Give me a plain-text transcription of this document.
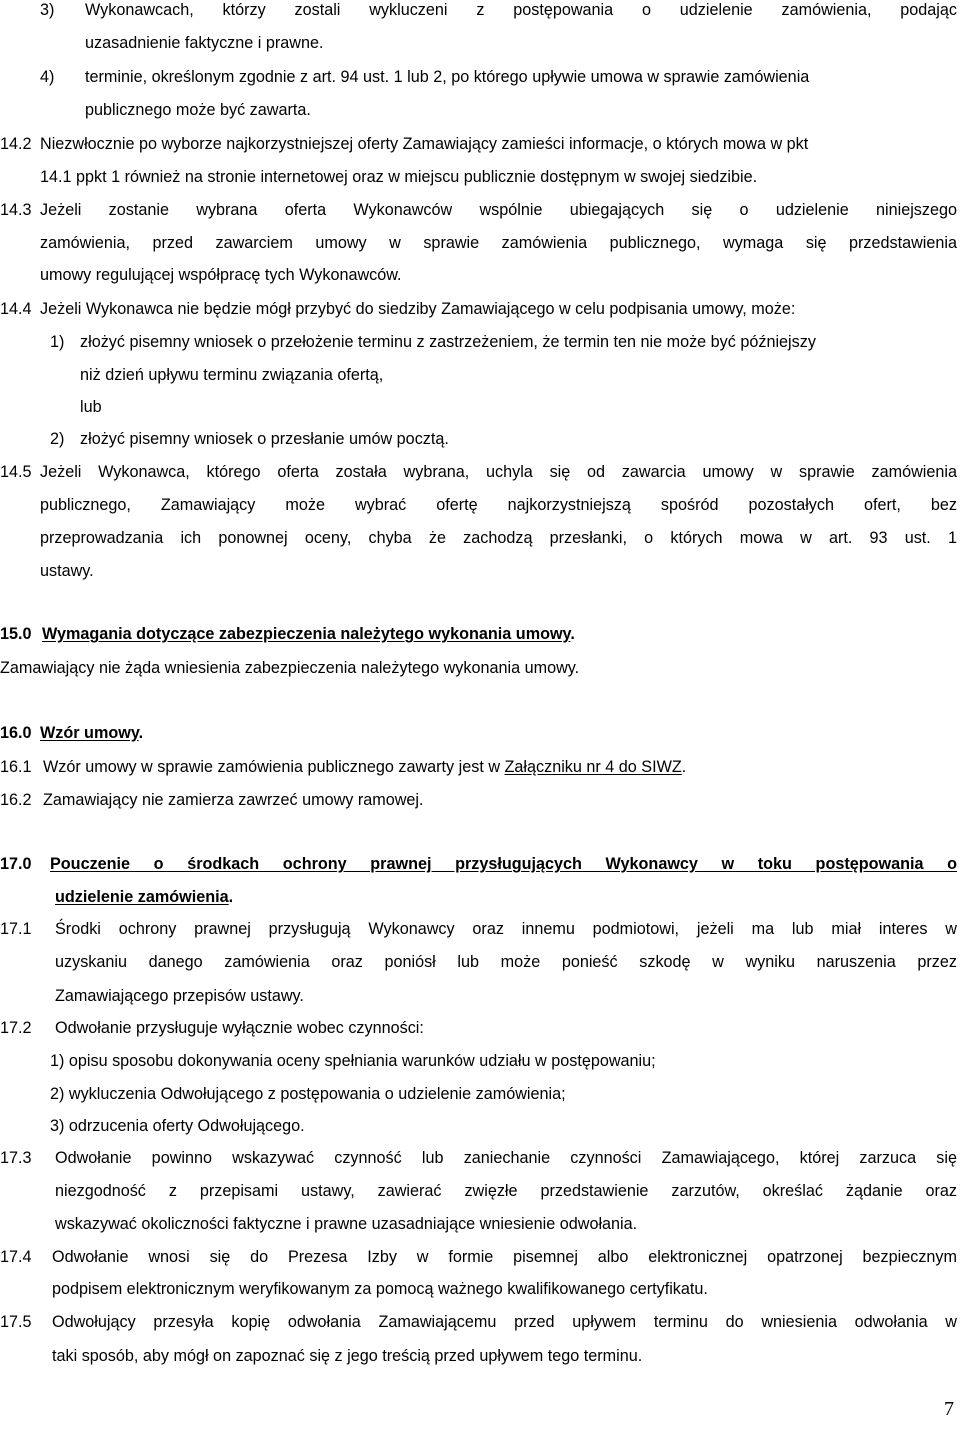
3) Wykonawcach, którzy zostali wykluczeni z postępowania o udzielenie zamówienia, podając
uzasadnienie faktyczne i prawne.
4) terminie, określonym zgodnie z art. 94 ust. 1 lub 2, po którego upływie umowa w sprawie zamówienia
publicznego może być zawarta.
14.2 Niezwłocznie po wyborze najkorzystniejszej oferty Zamawiający zamieści informacje, o których mowa w pkt
14.1 ppkt 1 również na stronie internetowej oraz w miejscu publicznie dostępnym w swojej siedzibie.
14.3 Jeżeli zostanie wybrana oferta Wykonawców wspólnie ubiegających się o udzielenie niniejszego
zamówienia, przed zawarciem umowy w sprawie zamówienia publicznego, wymaga się przedstawienia
umowy regulującej współpracę tych Wykonawców.
14.4 Jeżeli Wykonawca nie będzie mógł przybyć do siedziby Zamawiającego w celu podpisania umowy, może:
1) złożyć pisemny wniosek o przełożenie terminu z zastrzeżeniem, że termin ten nie może być późniejszy
niż dzień upływu terminu związania ofertą,
lub
2) złożyć pisemny wniosek o przesłanie umów pocztą.
14.5 Jeżeli Wykonawca, którego oferta została wybrana, uchyla się od zawarcia umowy w sprawie zamówienia
publicznego, Zamawiający może wybrać ofertę najkorzystniejszą spośród pozostałych ofert, bez
przeprowadzania ich ponownej oceny, chyba że zachodzą przesłanki, o których mowa w art. 93 ust. 1
ustawy.
15.0 Wymagania dotyczące zabezpieczenia należytego wykonania umowy.
Zamawiający nie żąda wniesienia zabezpieczenia należytego wykonania umowy.
16.0 Wzór umowy.
16.1 Wzór umowy w sprawie zamówienia publicznego zawarty jest w Załączniku nr 4 do SIWZ.
16.2 Zamawiający nie zamierza zawrzeć umowy ramowej.
17.0 Pouczenie o środkach ochrony prawnej przysługujących Wykonawcy w toku postępowania o
udzielenie zamówienia.
17.1 Środki ochrony prawnej przysługują Wykonawcy oraz innemu podmiotowi, jeżeli ma lub miał interes w
uzyskaniu danego zamówienia oraz poniósł lub może ponieść szkodę w wyniku naruszenia przez
Zamawiającego przepisów ustawy.
17.2 Odwołanie przysługuje wyłącznie wobec czynności:
1) opisu sposobu dokonywania oceny spełniania warunków udziału w postępowaniu;
2) wykluczenia Odwołującego z postępowania o udzielenie zamówienia;
3) odrzucenia oferty Odwołującego.
17.3 Odwołanie powinno wskazywać czynność lub zaniechanie czynności Zamawiającego, której zarzuca się
niezgodność z przepisami ustawy, zawierać zwięzłe przedstawienie zarzutów, określać żądanie oraz
wskazywać okoliczności faktyczne i prawne uzasadniające wniesienie odwołania.
17.4 Odwołanie wnosi się do Prezesa Izby w formie pisemnej albo elektronicznej opatrzonej bezpiecznym
podpisem elektronicznym weryfikowanym za pomocą ważnego kwalifikowanego certyfikatu.
17.5 Odwołujący przesyła kopię odwołania Zamawiającemu przed upływem terminu do wniesienia odwołania w
taki sposób, aby mógł on zapoznać się z jego treścią przed upływem tego terminu.
7
